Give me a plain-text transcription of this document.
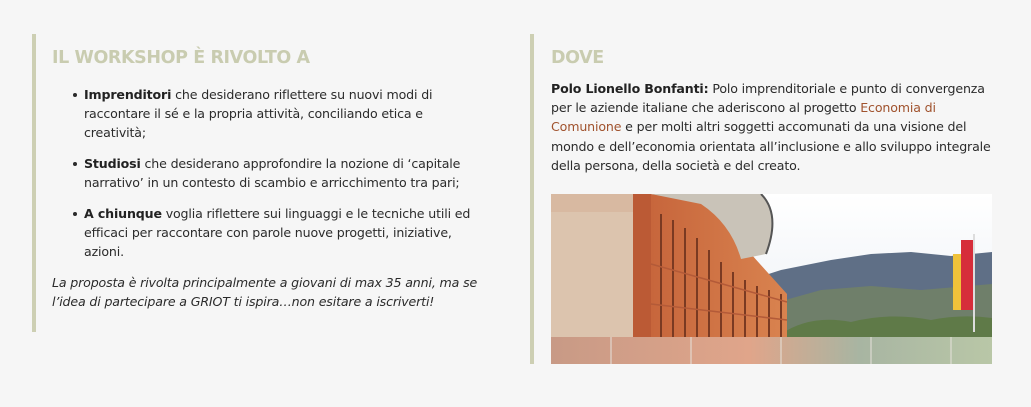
IL WORKSHOP È RIVOLTO A
Imprenditori che desiderano riflettere su nuovi modi di raccontare il sé e la propria attività, conciliando etica e creatività;
Studiosi che desiderano approfondire la nozione di ‘capitale narrativo’ in un contesto di scambio e arricchimento tra pari;
A chiunque voglia riflettere sui linguaggi e le tecniche utili ed efficaci per raccontare con parole nuove progetti, iniziative, azioni.

La proposta è rivolta principalmente a giovani di max 35 anni, ma se l’idea di partecipare a GRIOT ti ispira…non esitare a iscriverti!

DOVE

Polo Lionello Bonfanti: Polo imprenditoriale e punto di convergenza per le aziende italiane che aderiscono al progetto Economia di Comunione e per molti altri soggetti accomunati da una visione del mondo e dell’economia orientata all’inclusione e allo sviluppo integrale della persona, della società e del creato.
